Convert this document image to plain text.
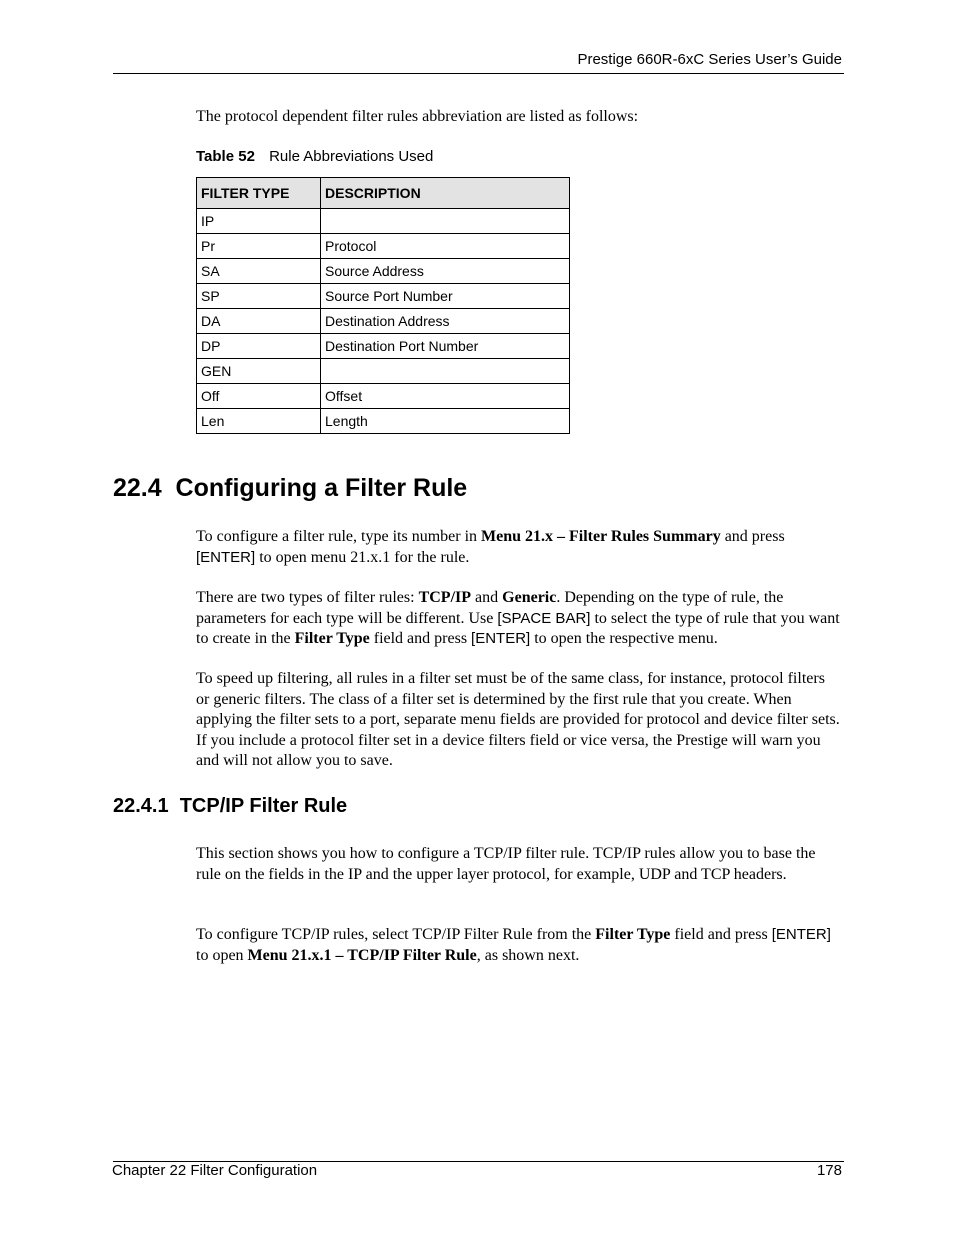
Prestige 660R-6xC Series User’s Guide

The protocol dependent filter rules abbreviation are listed as follows:

Table 52 Rule Abbreviations Used
FILTER TYPE	DESCRIPTION
IP	
Pr	Protocol
SA	Source Address
SP	Source Port Number
DA	Destination Address
DP	Destination Port Number
GEN	
Off	Offset
Len	Length
22.4  Configuring a Filter Rule

To configure a filter rule, type its number in Menu 21.x – Filter Rules Summary and press [ENTER] to open menu 21.x.1 for the rule.

There are two types of filter rules: TCP/IP and Generic. Depending on the type of rule, the parameters for each type will be different. Use [SPACE BAR] to select the type of rule that you want to create in the Filter Type field and press [ENTER] to open the respective menu.

To speed up filtering, all rules in a filter set must be of the same class, for instance, protocol filters or generic filters. The class of a filter set is determined by the first rule that you create. When applying the filter sets to a port, separate menu fields are provided for protocol and device filter sets. If you include a protocol filter set in a device filters field or vice versa, the Prestige will warn you and will not allow you to save.

22.4.1  TCP/IP Filter Rule

This section shows you how to configure a TCP/IP filter rule. TCP/IP rules allow you to base the rule on the fields in the IP and the upper layer protocol, for example, UDP and TCP headers.

To configure TCP/IP rules, select TCP/IP Filter Rule from the Filter Type field and press [ENTER] to open Menu 21.x.1 – TCP/IP Filter Rule, as shown next.

Chapter 22 Filter Configuration	178
